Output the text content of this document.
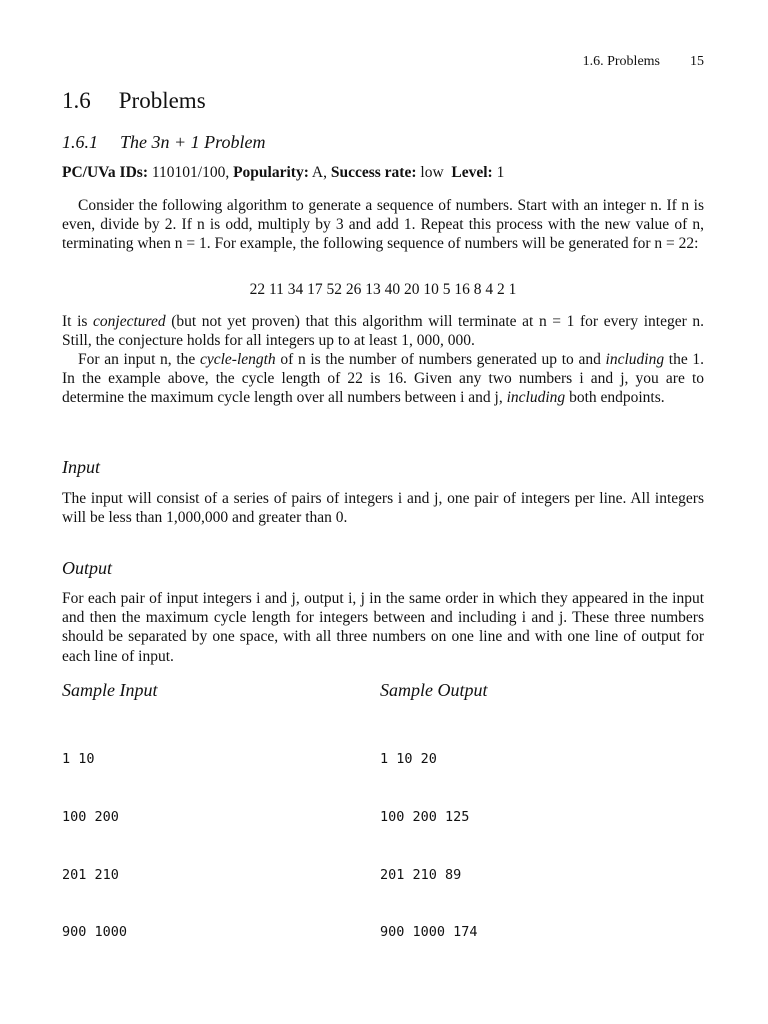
1.6. Problems 15
1.6 Problems
1.6.1 The 3n + 1 Problem
PC/UVa IDs: 110101/100, Popularity: A, Success rate: low Level: 1

Consider the following algorithm to generate a sequence of numbers. Start with an integer n. If n is even, divide by 2. If n is odd, multiply by 3 and add 1. Repeat this process with the new value of n, terminating when n = 1. For example, the following sequence of numbers will be generated for n = 22:

22 11 34 17 52 26 13 40 20 10 5 16 8 4 2 1

It is conjectured (but not yet proven) that this algorithm will terminate at n = 1 for every integer n. Still, the conjecture holds for all integers up to at least 1, 000, 000.

For an input n, the cycle-length of n is the number of numbers generated up to and including the 1. In the example above, the cycle length of 22 is 16. Given any two numbers i and j, you are to determine the maximum cycle length over all numbers between i and j, including both endpoints.

Input

The input will consist of a series of pairs of integers i and j, one pair of integers per line. All integers will be less than 1,000,000 and greater than 0.

Output

For each pair of input integers i and j, output i, j in the same order in which they appeared in the input and then the maximum cycle length for integers between and including i and j. These three numbers should be separated by one space, with all three numbers on one line and with one line of output for each line of input.

Sample Input	Sample Output

1 10

100 200

201 210

900 1000

1 10 20

100 200 125

201 210 89

900 1000 174
